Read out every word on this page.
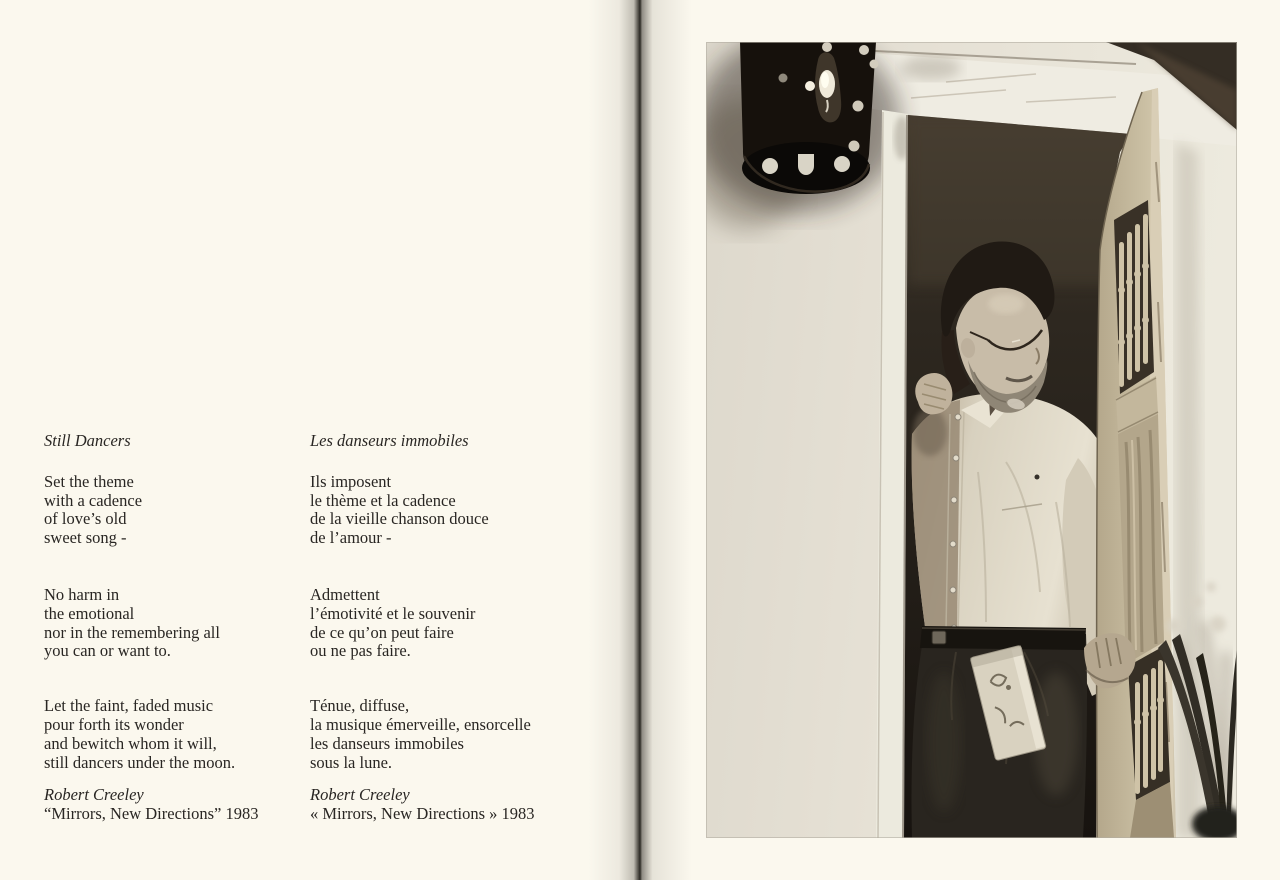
Still Dancers

Set the theme
with a cadence
of love’s old
sweet song -

No harm in
the emotional
nor in the remembering all
you can or want to.

Let the faint, faded music
pour forth its wonder
and bewitch whom it will,
still dancers under the moon.

Robert Creeley
“Mirrors, New Directions” 1983

Les danseurs immobiles

Ils imposent
le thème et la cadence
de la vieille chanson douce
de l’amour -

Admettent
l’émotivité et le souvenir
de ce qu’on peut faire
ou ne pas faire.

Ténue, diffuse,
la musique émerveille, ensorcelle
les danseurs immobiles
sous la lune.

Robert Creeley
« Mirrors, New Directions » 1983
